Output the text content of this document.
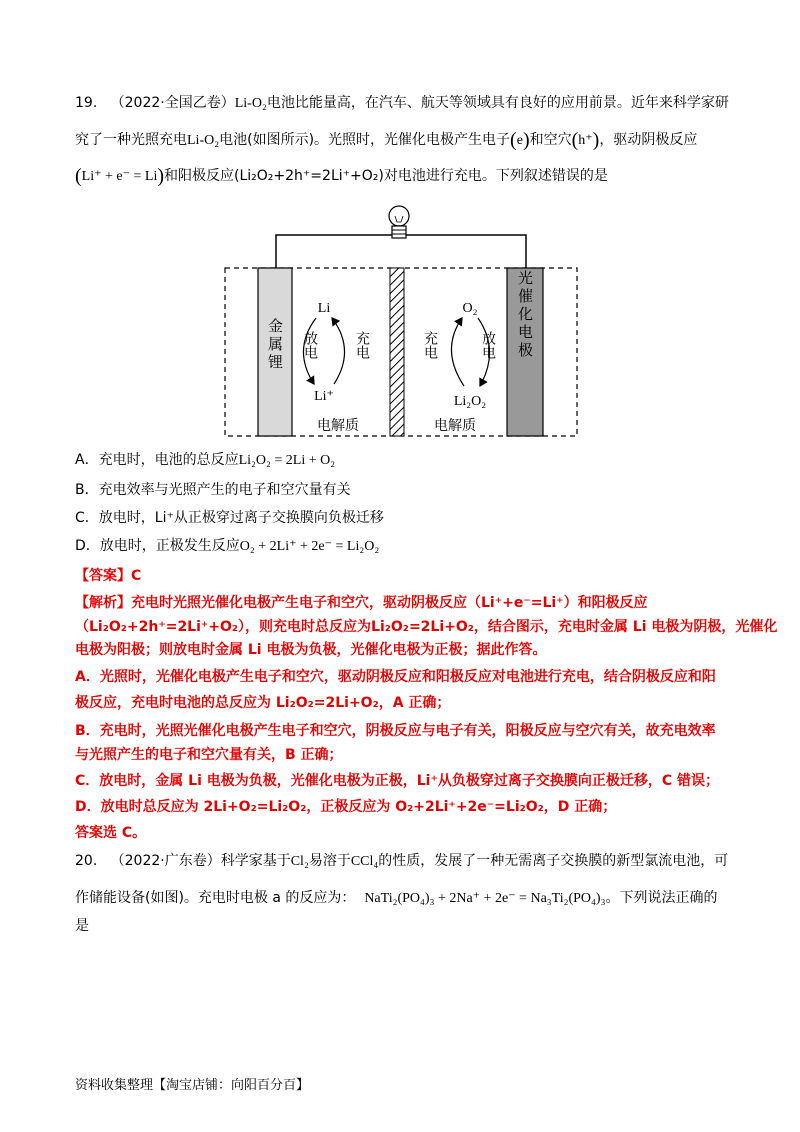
19. （2022·全国乙卷）Li-O₂电池比能量高，在汽车、航天等领域具有良好的应用前景。近年来科学家研
究了一种光照充电Li-O₂电池(如图所示)。光照时，光催化电极产生电子(e)和空穴(h⁺)，驱动阴极反应
(Li⁺ + e⁻ = Li)和阳极反应(Li₂O₂+2h⁺=2Li⁺+O₂)对电池进行充电。下列叙述错误的是
金属锂	光催化电极
Li
Li⁺
放电	充电
O₂
Li₂O₂
充电	放电
电解质	电解质
A．充电时，电池的总反应Li₂O₂ = 2Li + O₂
B．充电效率与光照产生的电子和空穴量有关
C．放电时，Li⁺从正极穿过离子交换膜向负极迁移
D．放电时，正极发生反应O₂ + 2Li⁺ + 2e⁻ = Li₂O₂
【答案】C
【解析】充电时光照光催化电极产生电子和空穴，驱动阴极反应（Li⁺+e⁻=Li⁺）和阳极反应
（Li₂O₂+2h⁺=2Li⁺+O₂），则充电时总反应为Li₂O₂=2Li+O₂，结合图示，充电时金属 Li 电极为阴极，光催化
电极为阳极；则放电时金属 Li 电极为负极，光催化电极为正极；据此作答。
A．光照时，光催化电极产生电子和空穴，驱动阴极反应和阳极反应对电池进行充电，结合阴极反应和阳
极反应，充电时电池的总反应为 Li₂O₂=2Li+O₂，A 正确；
B．充电时，光照光催化电极产生电子和空穴，阴极反应与电子有关，阳极反应与空穴有关，故充电效率
与光照产生的电子和空穴量有关，B 正确；
C．放电时，金属 Li 电极为负极，光催化电极为正极，Li⁺从负极穿过离子交换膜向正极迁移，C 错误；
D．放电时总反应为 2Li+O₂=Li₂O₂，正极反应为 O₂+2Li⁺+2e⁻=Li₂O₂，D 正确；
答案选 C。
20. （2022·广东卷）科学家基于Cl₂易溶于CCl₄的性质，发展了一种无需离子交换膜的新型氯流电池，可
作储能设备(如图)。充电时电极 a 的反应为： NaTi₂(PO₄)₃ + 2Na⁺ + 2e⁻ = Na₃Ti₂(PO₄)₃。下列说法正确的
是
资料收集整理【淘宝店铺：向阳百分百】
